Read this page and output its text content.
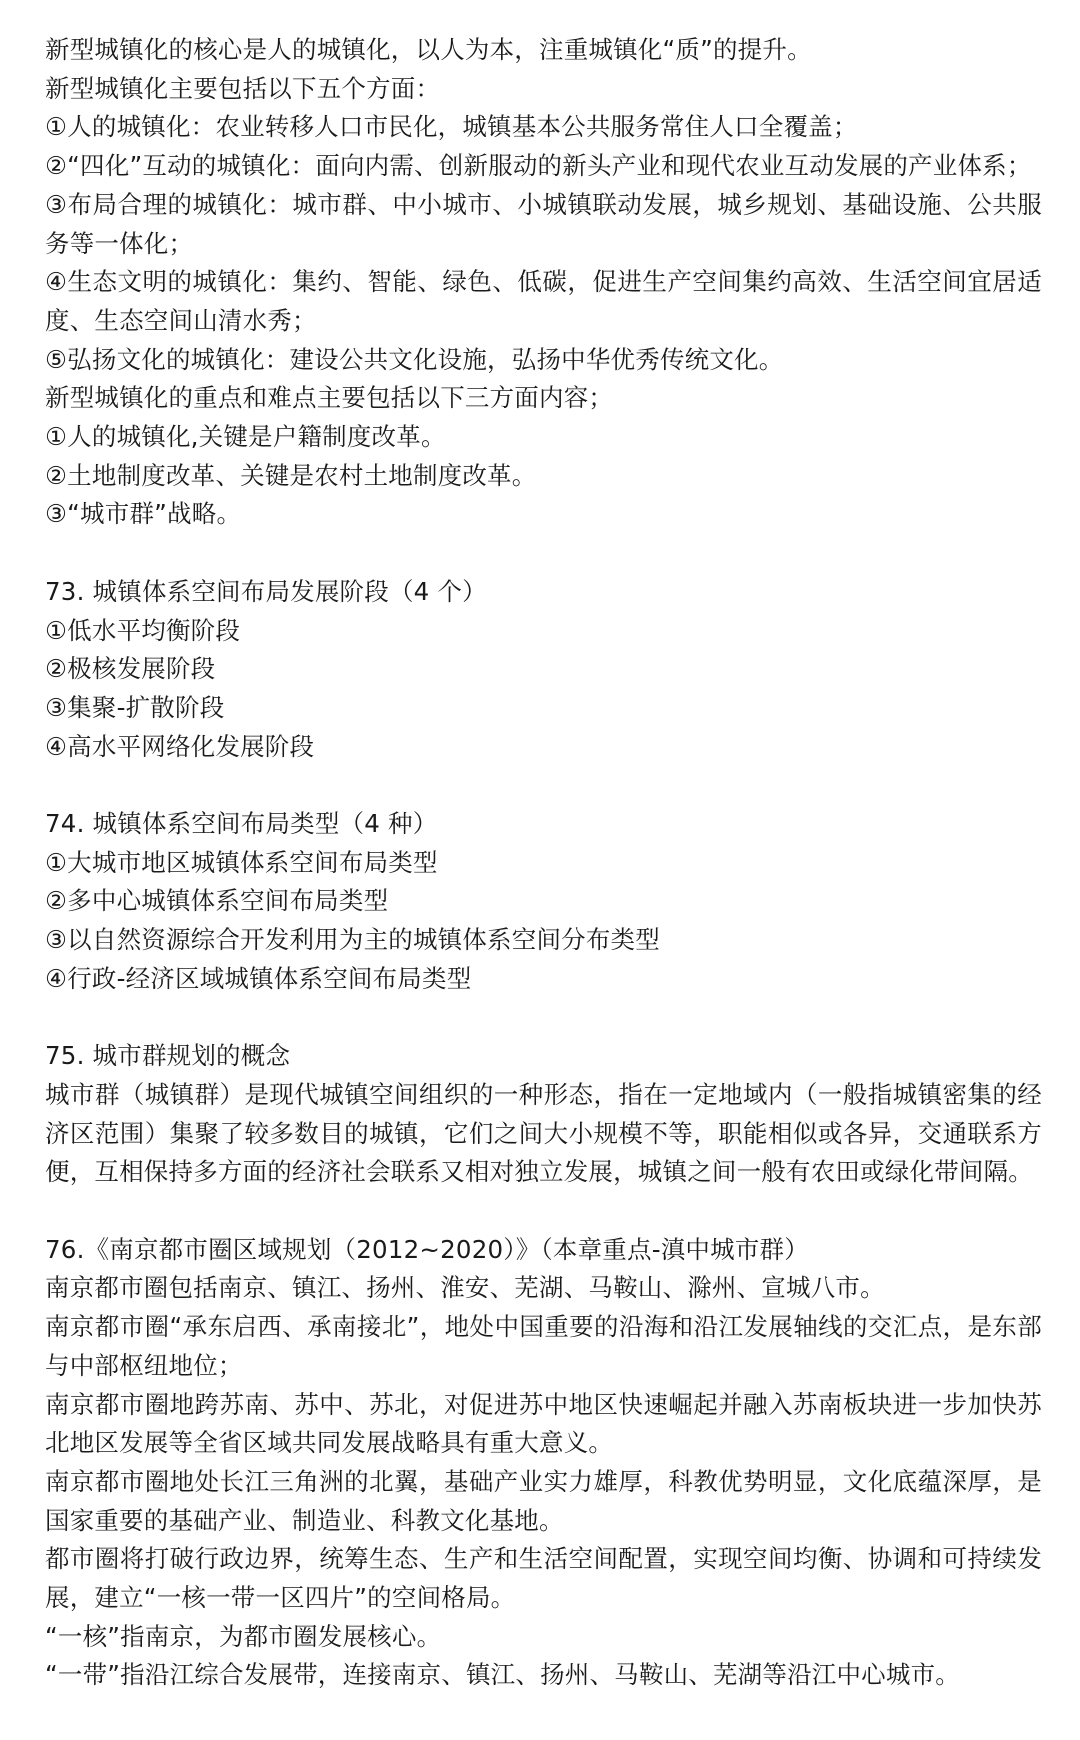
新型城镇化的核心是人的城镇化，以人为本，注重城镇化“质”的提升。
新型城镇化主要包括以下五个方面：
①人的城镇化：农业转移人口市民化，城镇基本公共服务常住人口全覆盖；
②“四化”互动的城镇化：面向内需、创新服动的新头产业和现代农业互动发展的产业体系；
③布局合理的城镇化：城市群、中小城市、小城镇联动发展，城乡规划、基础设施、公共服务等一体化；
④生态文明的城镇化：集约、智能、绿色、低碳，促进生产空间集约高效、生活空间宜居适度、生态空间山清水秀；
⑤弘扬文化的城镇化：建设公共文化设施，弘扬中华优秀传统文化。
新型城镇化的重点和难点主要包括以下三方面内容；
①人的城镇化,关键是户籍制度改革。
②土地制度改革、关键是农村土地制度改革。
③“城市群”战略。
73. 城镇体系空间布局发展阶段（4 个）
①低水平均衡阶段
②极核发展阶段
③集聚-扩散阶段
④高水平网络化发展阶段
74. 城镇体系空间布局类型（4 种）
①大城市地区城镇体系空间布局类型
②多中心城镇体系空间布局类型
③以自然资源综合开发利用为主的城镇体系空间分布类型
④行政-经济区域城镇体系空间布局类型
75. 城市群规划的概念
城市群（城镇群）是现代城镇空间组织的一种形态，指在一定地域内（一般指城镇密集的经济区范围）集聚了较多数目的城镇，它们之间大小规模不等，职能相似或各异，交通联系方便，互相保持多方面的经济社会联系又相对独立发展，城镇之间一般有农田或绿化带间隔。
76.《南京都市圈区域规划（2012~2020）》（本章重点-滇中城市群）
南京都市圈包括南京、镇江、扬州、淮安、芜湖、马鞍山、滁州、宣城八市。
南京都市圈“承东启西、承南接北”，地处中国重要的沿海和沿江发展轴线的交汇点，是东部与中部枢纽地位；
南京都市圈地跨苏南、苏中、苏北，对促进苏中地区快速崛起并融入苏南板块进一步加快苏北地区发展等全省区域共同发展战略具有重大意义。
南京都市圈地处长江三角洲的北翼，基础产业实力雄厚，科教优势明显，文化底蕴深厚，是国家重要的基础产业、制造业、科教文化基地。
都市圈将打破行政边界，统筹生态、生产和生活空间配置，实现空间均衡、协调和可持续发展，建立“一核一带一区四片”的空间格局。
“一核”指南京，为都市圈发展核心。
“一带”指沿江综合发展带，连接南京、镇江、扬州、马鞍山、芜湖等沿江中心城市。
